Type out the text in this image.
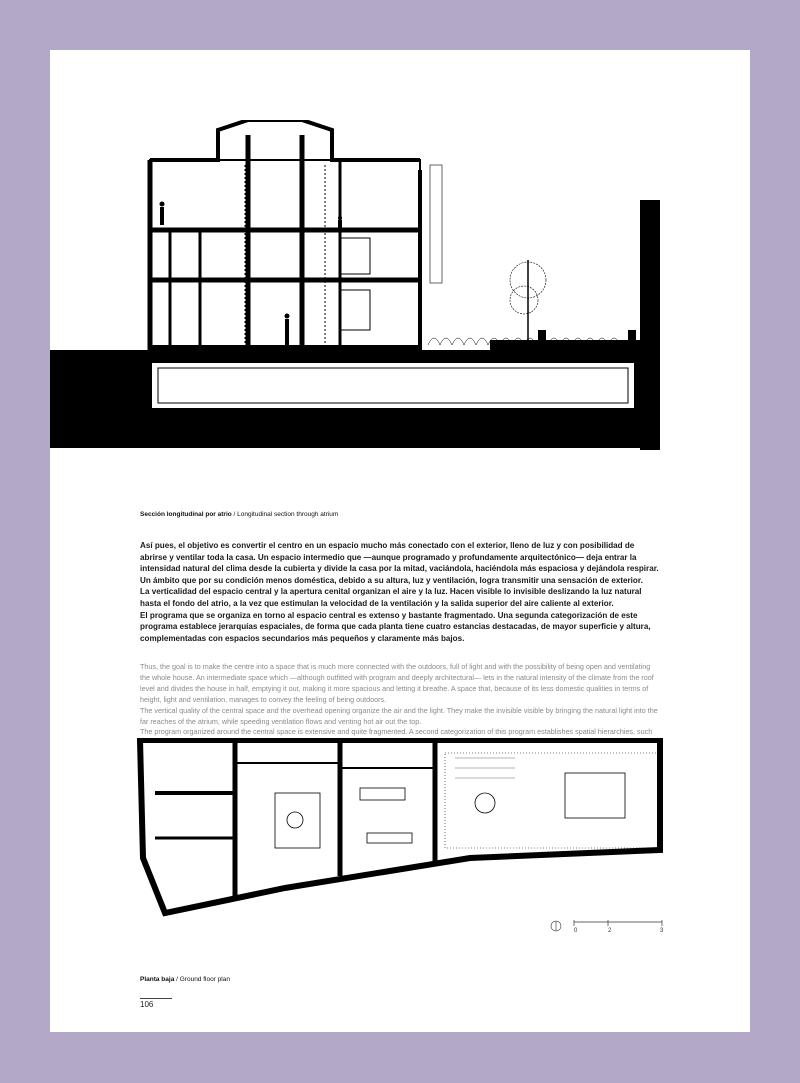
Sección longitudinal por atrio / Longitudinal section through atrium

Así pues, el objetivo es convertir el centro en un espacio mucho más conectado con el exterior, lleno de luz y con posibilidad de abrirse y ventilar toda la casa. Un espacio intermedio que —aunque programado y profundamente arquitectónico— deja entrar la intensidad natural del clima desde la cubierta y divide la casa por la mitad, vaciándola, haciéndola más espaciosa y dejándola respirar. Un ámbito que por su condición menos doméstica, debido a su altura, luz y ventilación, logra transmitir una sensación de exterior.

La verticalidad del espacio central y la apertura cenital organizan el aire y la luz. Hacen visible lo invisible deslizando la luz natural hasta el fondo del atrio, a la vez que estimulan la velocidad de la ventilación y la salida superior del aire caliente al exterior.

El programa que se organiza en torno al espacio central es extenso y bastante fragmentado. Una segunda categorización de este programa establece jerarquías espaciales, de forma que cada planta tiene cuatro estancias destacadas, de mayor superficie y altura, complementadas con espacios secundarios más pequeños y claramente más bajos.

Thus, the goal is to make the centre into a space that is much more connected with the outdoors, full of light and with the possibility of being open and ventilating the whole house. An intermediate space which —although outfitted with program and deeply architectural— lets in the natural intensity of the climate from the roof level and divides the house in half, emptying it out, making it more spacious and letting it breathe. A space that, because of its less domestic qualities in terms of height, light and ventilation, manages to convey the feeling of being outdoors.

The vertical quality of the central space and the overhead opening organize the air and the light. They make the invisible visible by bringing the natural light into the far reaches of the atrium, while speeding ventilation flows and venting hot air out the top.

The program organized around the central space is extensive and quite fragmented. A second categorization of this program establishes spatial hierarchies, such

0	2	3
Planta baja / Ground floor plan
106
